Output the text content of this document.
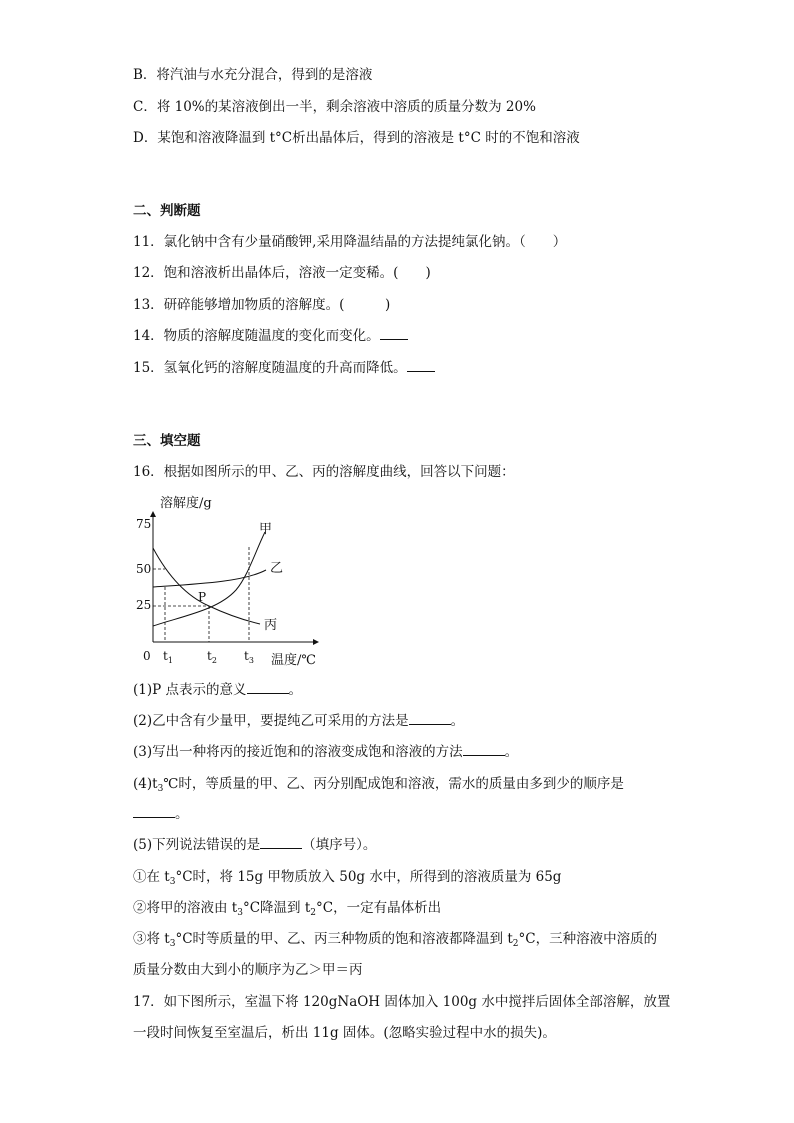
B．将汽油与水充分混合，得到的是溶液
C．将 10%的某溶液倒出一半，剩余溶液中溶质的质量分数为 20%
D．某饱和溶液降温到 t°C析出晶体后，得到的溶液是 t°C 时的不饱和溶液
二、判断题
11．氯化钠中含有少量硝酸钾,采用降温结晶的方法提纯氯化钠。（　　）
12．饱和溶液析出晶体后，溶液一定变稀。(　　)
13．研碎能够增加物质的溶解度。(　　　)
14．物质的溶解度随温度的变化而变化。
15．氢氧化钙的溶解度随温度的升高而降低。
三、填空题
16．根据如图所示的甲、乙、丙的溶解度曲线，回答以下问题：
溶解度/g
温度/℃
0
75
50
25
$t_1$	$t_2$ $t_3$
P
甲
乙
丙
(1)P 点表示的意义	。
(2)乙中含有少量甲，要提纯乙可采用的方法是	。
(3)写出一种将丙的接近饱和的溶液变成饱和溶液的方法	。
$(4)t_3℃$时，等质量的甲、乙、丙分别配成饱和溶液，需水的质量由多到少的顺序是
。
(5)下列说法错误的是	（填序号）。
①在 $t_3^\circ C$时，将 15g 甲物质放入 50g 水中，所得到的溶液质量为 65g
②将甲的溶液由 $t_3^\circ C$降温到 $t_2^\circ C$，一定有晶体析出
③将 $t_3^\circ C$时等质量的甲、乙、丙三种物质的饱和溶液都降温到 $t_2^\circ C$，三种溶液中溶质的
质量分数由大到小的顺序为乙＞甲＝丙
17．如下图所示，室温下将 120gNaOH 固体加入 100g 水中搅拌后固体全部溶解，放置
一段时间恢复至室温后，析出 11g 固体。(忽略实验过程中水的损失)。
